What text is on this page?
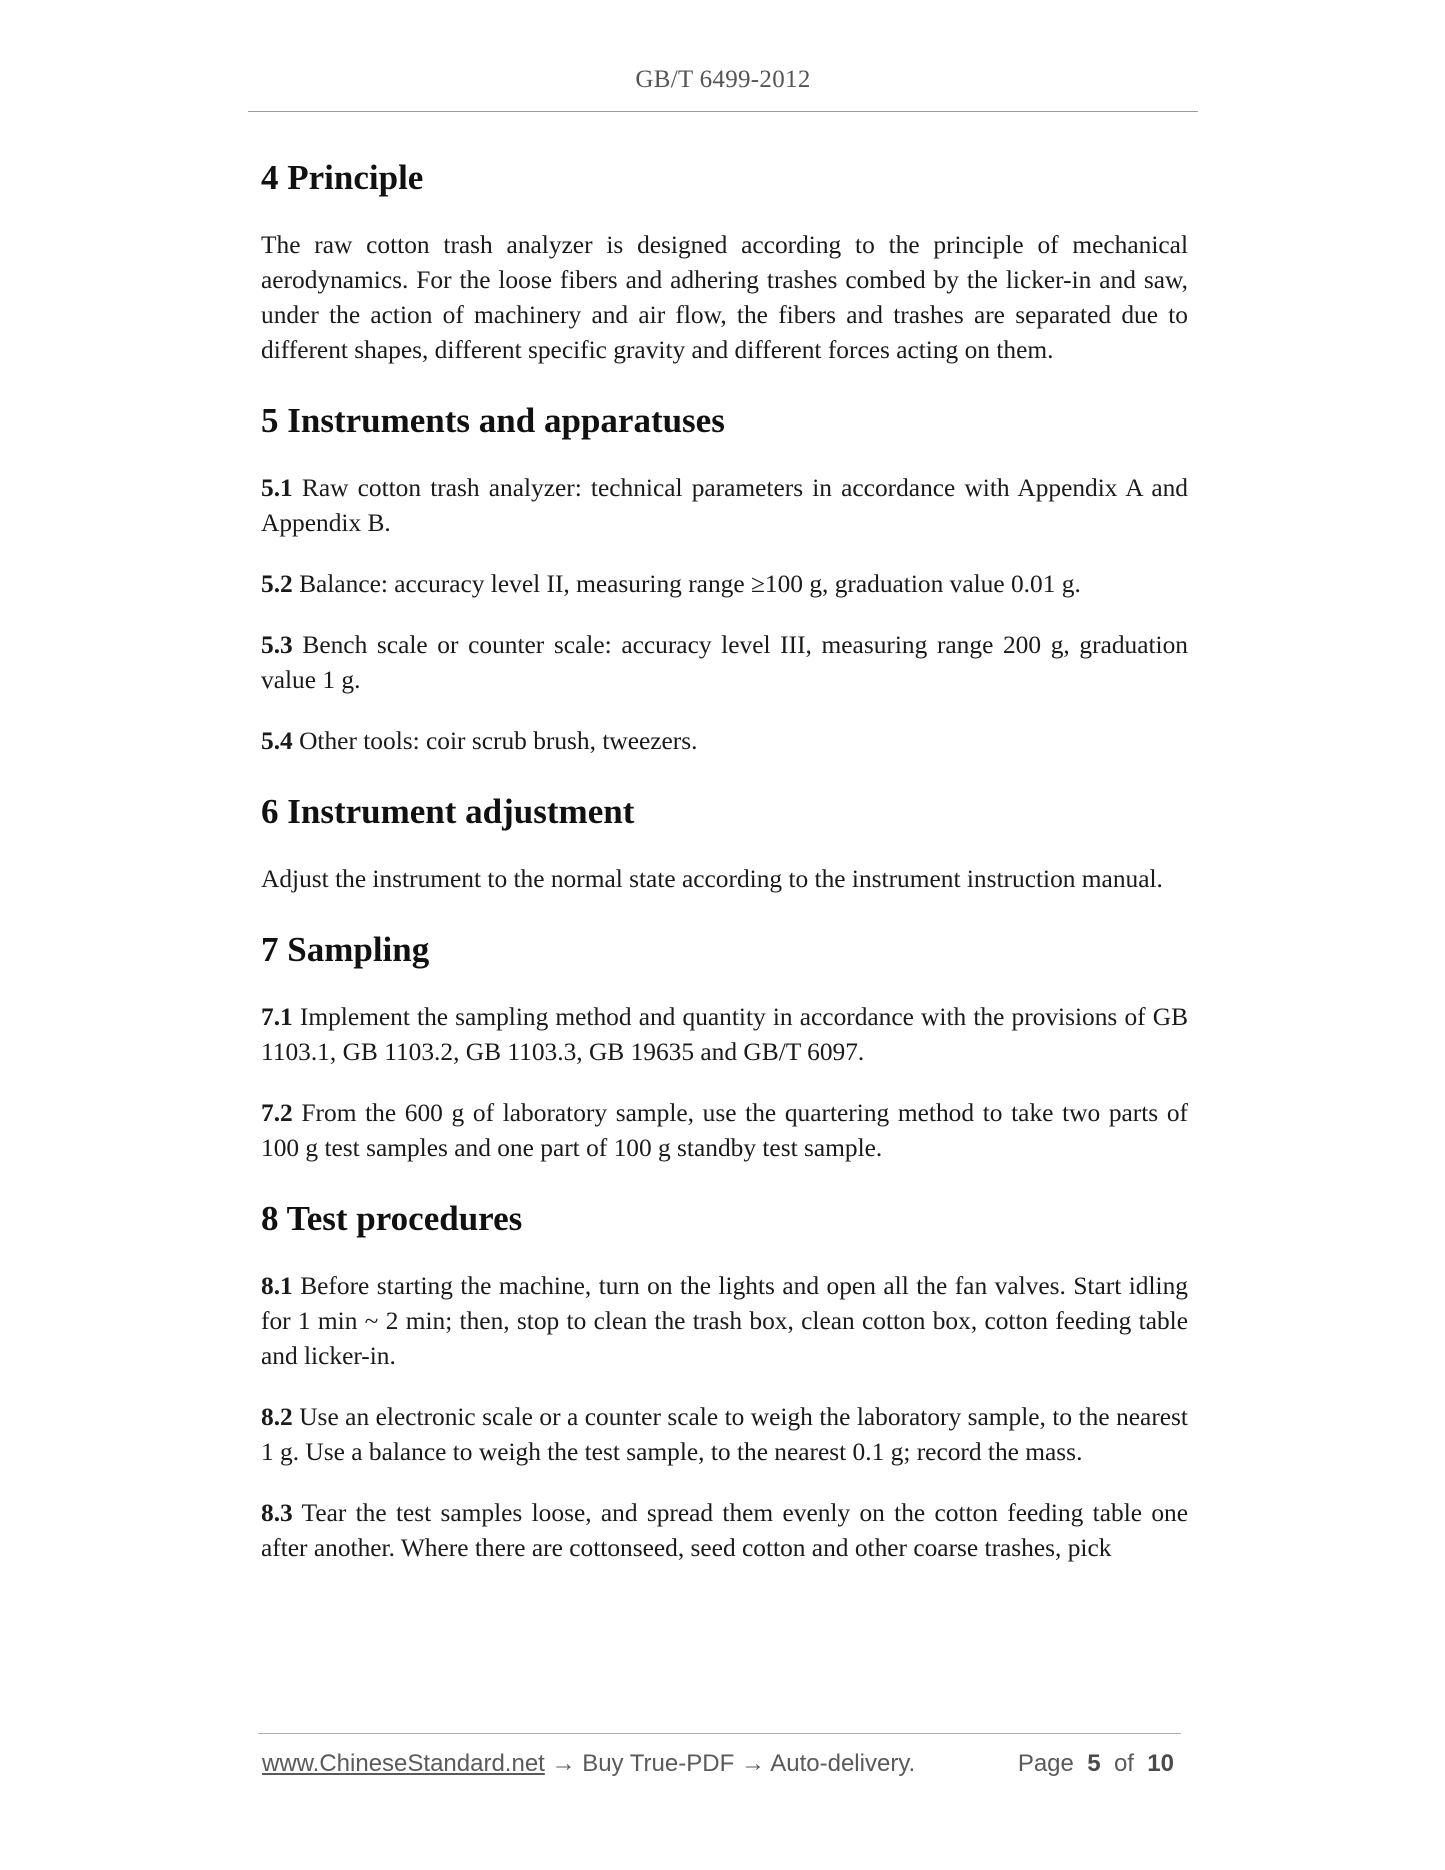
GB/T 6499-2012
4 Principle

The raw cotton trash analyzer is designed according to the principle of mechanical aerodynamics. For the loose fibers and adhering trashes combed by the licker-in and saw, under the action of machinery and air flow, the fibers and trashes are separated due to different shapes, different specific gravity and different forces acting on them.

5 Instruments and apparatuses

5.1 Raw cotton trash analyzer: technical parameters in accordance with Appendix A and Appendix B.

5.2 Balance: accuracy level II, measuring range ≥100 g, graduation value 0.01 g.

5.3 Bench scale or counter scale: accuracy level III, measuring range 200 g, graduation value 1 g.

5.4 Other tools: coir scrub brush, tweezers.

6 Instrument adjustment

Adjust the instrument to the normal state according to the instrument instruction manual.

7 Sampling

7.1 Implement the sampling method and quantity in accordance with the provisions of GB 1103.1, GB 1103.2, GB 1103.3, GB 19635 and GB/T 6097.

7.2 From the 600 g of laboratory sample, use the quartering method to take two parts of 100 g test samples and one part of 100 g standby test sample.

8 Test procedures

8.1 Before starting the machine, turn on the lights and open all the fan valves. Start idling for 1 min ~ 2 min; then, stop to clean the trash box, clean cotton box, cotton feeding table and licker-in.

8.2 Use an electronic scale or a counter scale to weigh the laboratory sample, to the nearest 1 g. Use a balance to weigh the test sample, to the nearest 0.1 g; record the mass.

8.3 Tear the test samples loose, and spread them evenly on the cotton feeding table one after another. Where there are cottonseed, seed cotton and other coarse trashes, pick

www.ChineseStandard.net → Buy True-PDF → Auto-delivery.	Page 5 of 10
